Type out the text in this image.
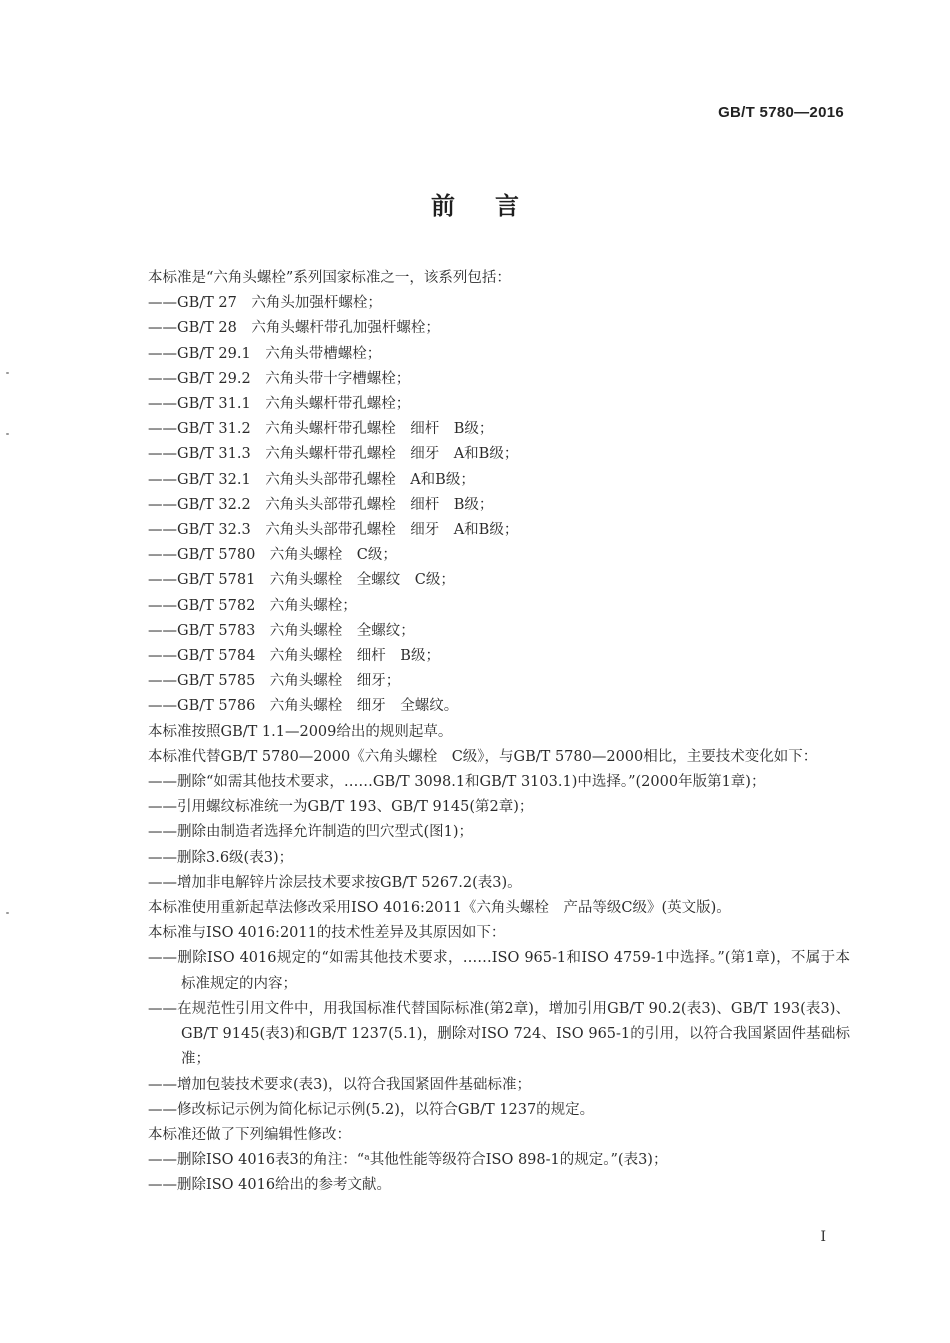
GB/T 5780—2016
前言

本标准是“六角头螺栓”系列国家标准之一，该系列包括：

——GB/T 27　六角头加强杆螺栓；

——GB/T 28　六角头螺杆带孔加强杆螺栓；

——GB/T 29.1　六角头带槽螺栓；

——GB/T 29.2　六角头带十字槽螺栓；

——GB/T 31.1　六角头螺杆带孔螺栓；

——GB/T 31.2　六角头螺杆带孔螺栓　细杆　B级；

——GB/T 31.3　六角头螺杆带孔螺栓　细牙　A和B级；

——GB/T 32.1　六角头头部带孔螺栓　A和B级；

——GB/T 32.2　六角头头部带孔螺栓　细杆　B级；

——GB/T 32.3　六角头头部带孔螺栓　细牙　A和B级；

——GB/T 5780　六角头螺栓　C级；

——GB/T 5781　六角头螺栓　全螺纹　C级；

——GB/T 5782　六角头螺栓；

——GB/T 5783　六角头螺栓　全螺纹；

——GB/T 5784　六角头螺栓　细杆　B级；

——GB/T 5785　六角头螺栓　细牙；

——GB/T 5786　六角头螺栓　细牙　全螺纹。

本标准按照GB/T 1.1—2009给出的规则起草。

本标准代替GB/T 5780—2000《六角头螺栓　C级》，与GB/T 5780—2000相比，主要技术变化如下：

——删除“如需其他技术要求，……GB/T 3098.1和GB/T 3103.1)中选择。”(2000年版第1章)；

——引用螺纹标准统一为GB/T 193、GB/T 9145(第2章)；

——删除由制造者选择允许制造的凹穴型式(图1)；

——删除3.6级(表3)；

——增加非电解锌片涂层技术要求按GB/T 5267.2(表3)。

本标准使用重新起草法修改采用ISO 4016:2011《六角头螺栓　产品等级C级》(英文版)。

本标准与ISO 4016:2011的技术性差异及其原因如下：

——删除ISO 4016规定的“如需其他技术要求，……ISO 965-1和ISO 4759-1中选择。”(第1章)，不属于本标准规定的内容；

——在规范性引用文件中，用我国标准代替国际标准(第2章)，增加引用GB/T 90.2(表3)、GB/T 193(表3)、GB/T 9145(表3)和GB/T 1237(5.1)，删除对ISO 724、ISO 965-1的引用，以符合我国紧固件基础标准；

——增加包装技术要求(表3)，以符合我国紧固件基础标准；

——修改标记示例为简化标记示例(5.2)，以符合GB/T 1237的规定。

本标准还做了下列编辑性修改：

——删除ISO 4016表3的角注：“ᵃ其他性能等级符合ISO 898-1的规定。”(表3)；

——删除ISO 4016给出的参考文献。

I
